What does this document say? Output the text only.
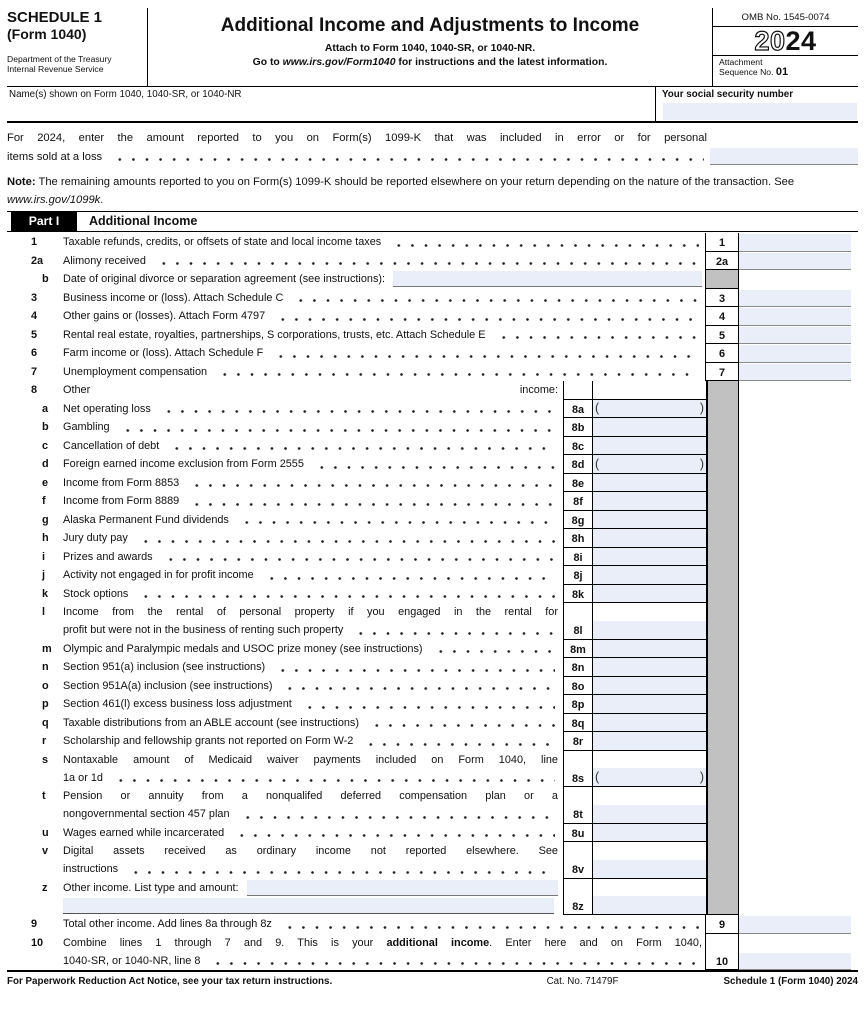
SCHEDULE 1
(Form 1040)
Department of the Treasury
Internal Revenue Service
Additional Income and Adjustments to Income
Attach to Form 1040, 1040-SR, or 1040-NR.
Go to www.irs.gov/Form1040 for instructions and the latest information.
OMB No. 1545-0074
2024
Attachment
Sequence No. 01
Name(s) shown on Form 1040, 1040-SR, or 1040-NR	Your social security number
For 2024, enter the amount reported to you on Form(s) 1099-K that was included in error or for personal
items sold at a loss
Note: The remaining amounts reported to you on Form(s) 1099-K should be reported elsewhere on your return depending on the nature of the transaction. See www.irs.gov/1099k.
Part I	Additional Income
1	Taxable refunds, credits, or offsets of state and local income taxes	1
2a	Alimony received	2a
b	Date of original divorce or separation agreement (see instructions):
3	Business income or (loss). Attach Schedule C	3
4	Other gains or (losses). Attach Form 4797	4
5	Rental real estate, royalties, partnerships, S corporations, trusts, etc. Attach Schedule E	5
6	Farm income or (loss). Attach Schedule F	6
7	Unemployment compensation	7
8	Other income:
a	Net operating loss	8a (	)
b	Gambling	8b
c	Cancellation of debt	8c
d	Foreign earned income exclusion from Form 2555	8d (	)
e	Income from Form 8853	8e
f	Income from Form 8889	8f
g	Alaska Permanent Fund dividends	8g
h	Jury duty pay	8h
i	Prizes and awards	8i
j	Activity not engaged in for profit income	8j
k	Stock options	8k
l	Income from the rental of personal property if you engaged in the rental for
profit but were not in the business of renting such property	8l
m Olympic and Paralympic medals and USOC prize money (see instructions)	8m
n	Section 951(a) inclusion (see instructions)	8n
o	Section 951A(a) inclusion (see instructions)	8o
p	Section 461(l) excess business loss adjustment	8p
q	Taxable distributions from an ABLE account (see instructions)	8q
r	Scholarship and fellowship grants not reported on Form W-2	8r
s	Nontaxable amount of Medicaid waiver payments included on Form 1040, line
1a or 1d	8s (	)
t	Pension or annuity from a nonqualifed deferred compensation plan or a
nongovernmental section 457 plan	8t
u	Wages earned while incarcerated	8u
v	Digital assets received as ordinary income not reported elsewhere. See
instructions	8v
z	Other income. List type and amount:
8z
9	Total other income. Add lines 8a through 8z	9
10	Combine lines 1 through 7 and 9. This is your additional income. Enter here and on Form 1040,
1040-SR, or 1040-NR, line 8	10
For Paperwork Reduction Act Notice, see your tax return instructions.	Cat. No. 71479F	Schedule 1 (Form 1040) 2024
